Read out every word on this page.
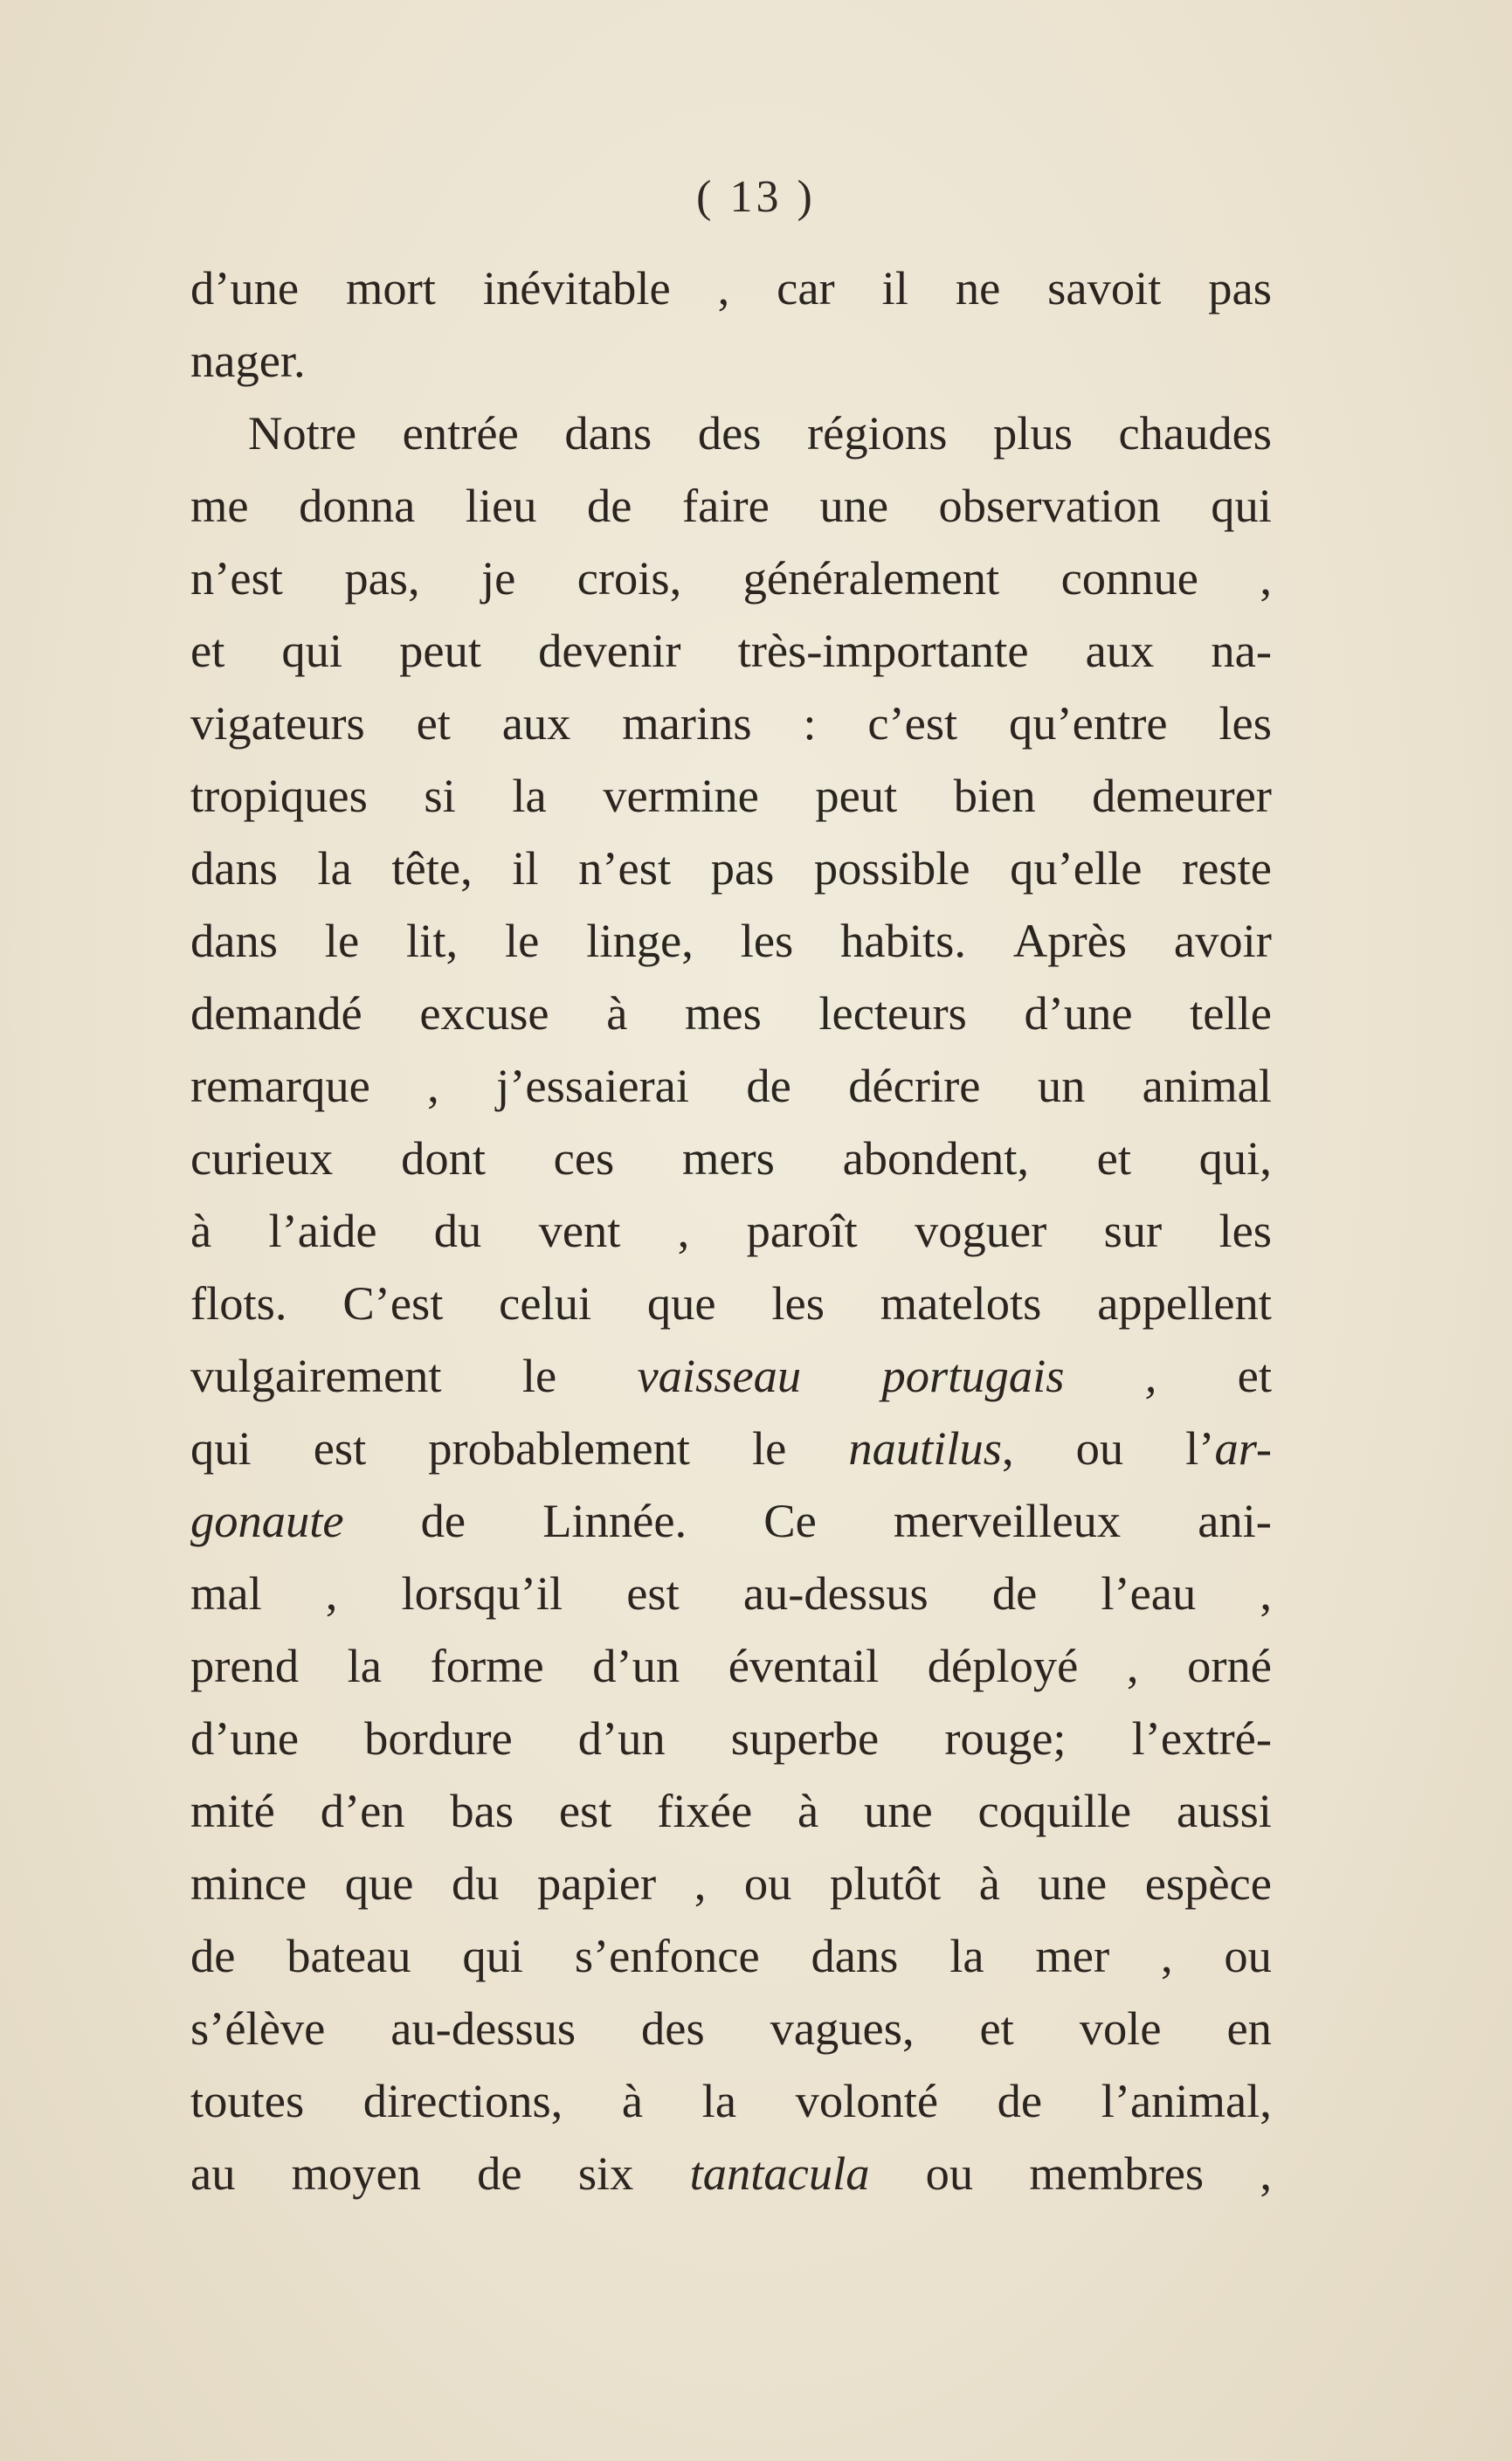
( 13 )
d’une mort inévitable , car il ne savoit pas
nager.
Notre entrée dans des régions plus chaudes
me donna lieu de faire une observation qui
n’est pas, je crois, généralement connue ,
et qui peut devenir très-importante aux na-
vigateurs et aux marins : c’est qu’entre les
tropiques si la vermine peut bien demeurer
dans la tête, il n’est pas possible qu’elle reste
dans le lit, le linge, les habits. Après avoir
demandé excuse à mes lecteurs d’une telle
remarque , j’essaierai de décrire un animal
curieux dont ces mers abondent, et qui,
à l’aide du vent , paroît voguer sur les
flots. C’est celui que les matelots appellent
vulgairement le vaisseau portugais , et
qui est probablement le nautilus, ou l’ar-
gonaute de Linnée. Ce merveilleux ani-
mal , lorsqu’il est au-dessus de l’eau ,
prend la forme d’un éventail déployé , orné
d’une bordure d’un superbe rouge; l’extré-
mité d’en bas est fixée à une coquille aussi
mince que du papier , ou plutôt à une espèce
de bateau qui s’enfonce dans la mer , ou
s’élève au-dessus des vagues, et vole en
toutes directions, à la volonté de l’animal,
au moyen de six tantacula ou membres ,
